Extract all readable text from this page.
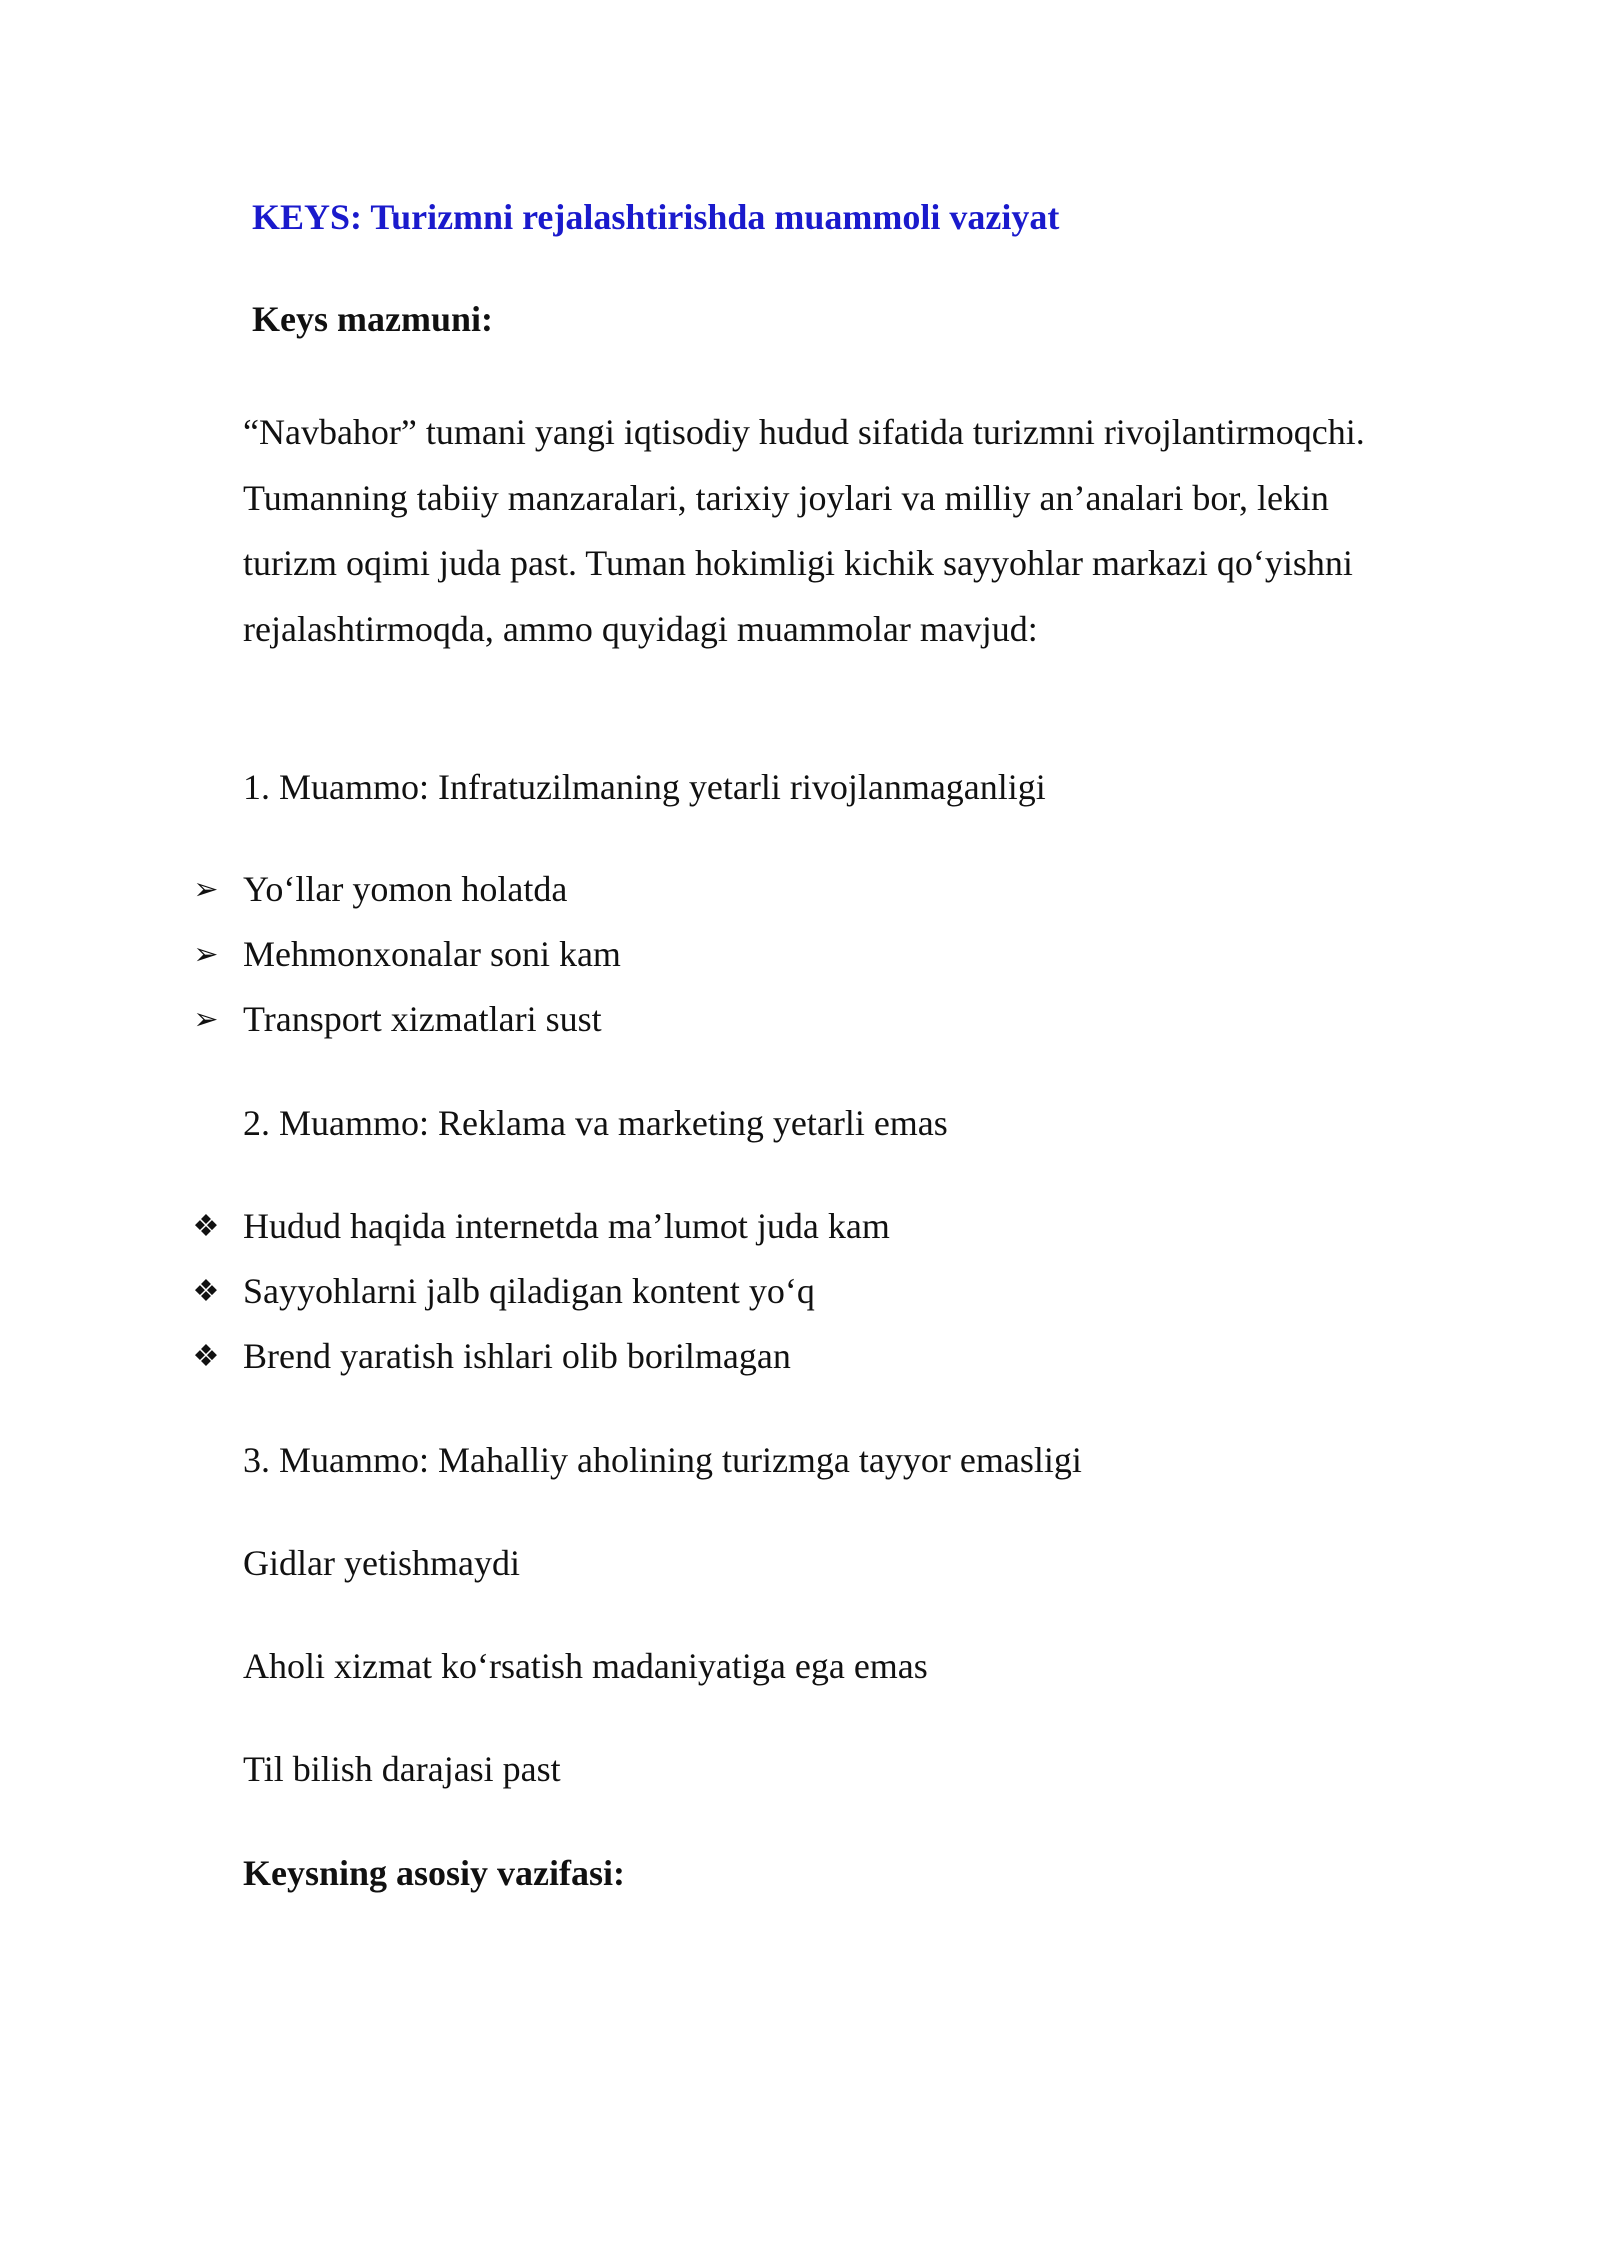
KEYS: Turizmni rejalashtirishda muammoli vaziyat
Keys mazmuni:

“Navbahor” tumani yangi iqtisodiy hudud sifatida turizmni rivojlantirmoqchi. Tumanning tabiiy manzaralari, tarixiy joylari va milliy an’analari bor, lekin turizm oqimi juda past. Tuman hokimligi kichik sayyohlar markazi qo‘yishni rejalashtirmoqda, ammo quyidagi muammolar mavjud:

1. Muammo: Infratuzilmaning yetarli rivojlanmaganligi
➢ Yo‘llar yomon holatda
➢ Mehmonxonalar soni kam
➢ Transport xizmatlari sust
2. Muammo: Reklama va marketing yetarli emas
❖ Hudud haqida internetda ma’lumot juda kam
❖ Sayyohlarni jalb qiladigan kontent yo‘q
❖ Brend yaratish ishlari olib borilmagan
3. Muammo: Mahalliy aholining turizmga tayyor emasligi
Gidlar yetishmaydi
Aholi xizmat ko‘rsatish madaniyatiga ega emas
Til bilish darajasi past
Keysning asosiy vazifasi:
